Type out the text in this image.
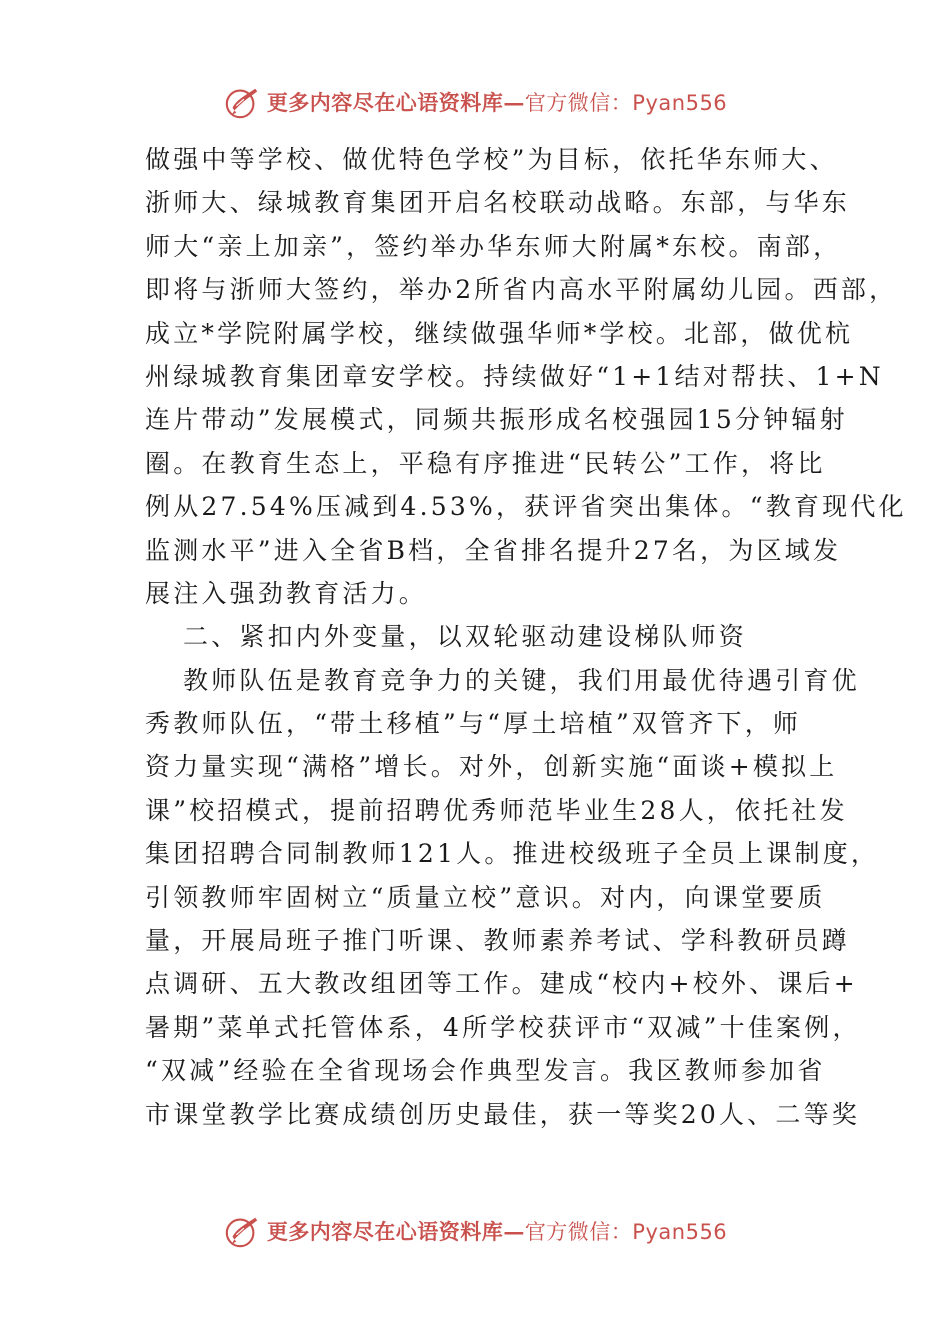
更多内容尽在心语资料库—官方微信：Pyan556
做强中等学校、做优特色学校”为目标，依托华东师大、
浙师大、绿城教育集团开启名校联动战略。东部，与华东
师大“亲上加亲”，签约举办华东师大附属*东校。南部，
即将与浙师大签约，举办2所省内高水平附属幼儿园。西部，
成立*学院附属学校，继续做强华师*学校。北部，做优杭
州绿城教育集团章安学校。持续做好“1+1结对帮扶、1+N
连片带动”发展模式，同频共振形成名校强园15分钟辐射
圈。在教育生态上，平稳有序推进“民转公”工作，将比
例从27.54%压减到4.53%，获评省突出集体。“教育现代化
监测水平”进入全省B档，全省排名提升27名，为区域发
展注入强劲教育活力。
二、紧扣内外变量，以双轮驱动建设梯队师资
教师队伍是教育竞争力的关键，我们用最优待遇引育优
秀教师队伍，“带土移植”与“厚土培植”双管齐下，师
资力量实现“满格”增长。对外，创新实施“面谈+模拟上
课”校招模式，提前招聘优秀师范毕业生28人，依托社发
集团招聘合同制教师121人。推进校级班子全员上课制度，
引领教师牢固树立“质量立校”意识。对内，向课堂要质
量，开展局班子推门听课、教师素养考试、学科教研员蹲
点调研、五大教改组团等工作。建成“校内+校外、课后+
暑期”菜单式托管体系，4所学校获评市“双减”十佳案例，
“双减”经验在全省现场会作典型发言。我区教师参加省
市课堂教学比赛成绩创历史最佳，获一等奖20人、二等奖
更多内容尽在心语资料库—官方微信：Pyan556
